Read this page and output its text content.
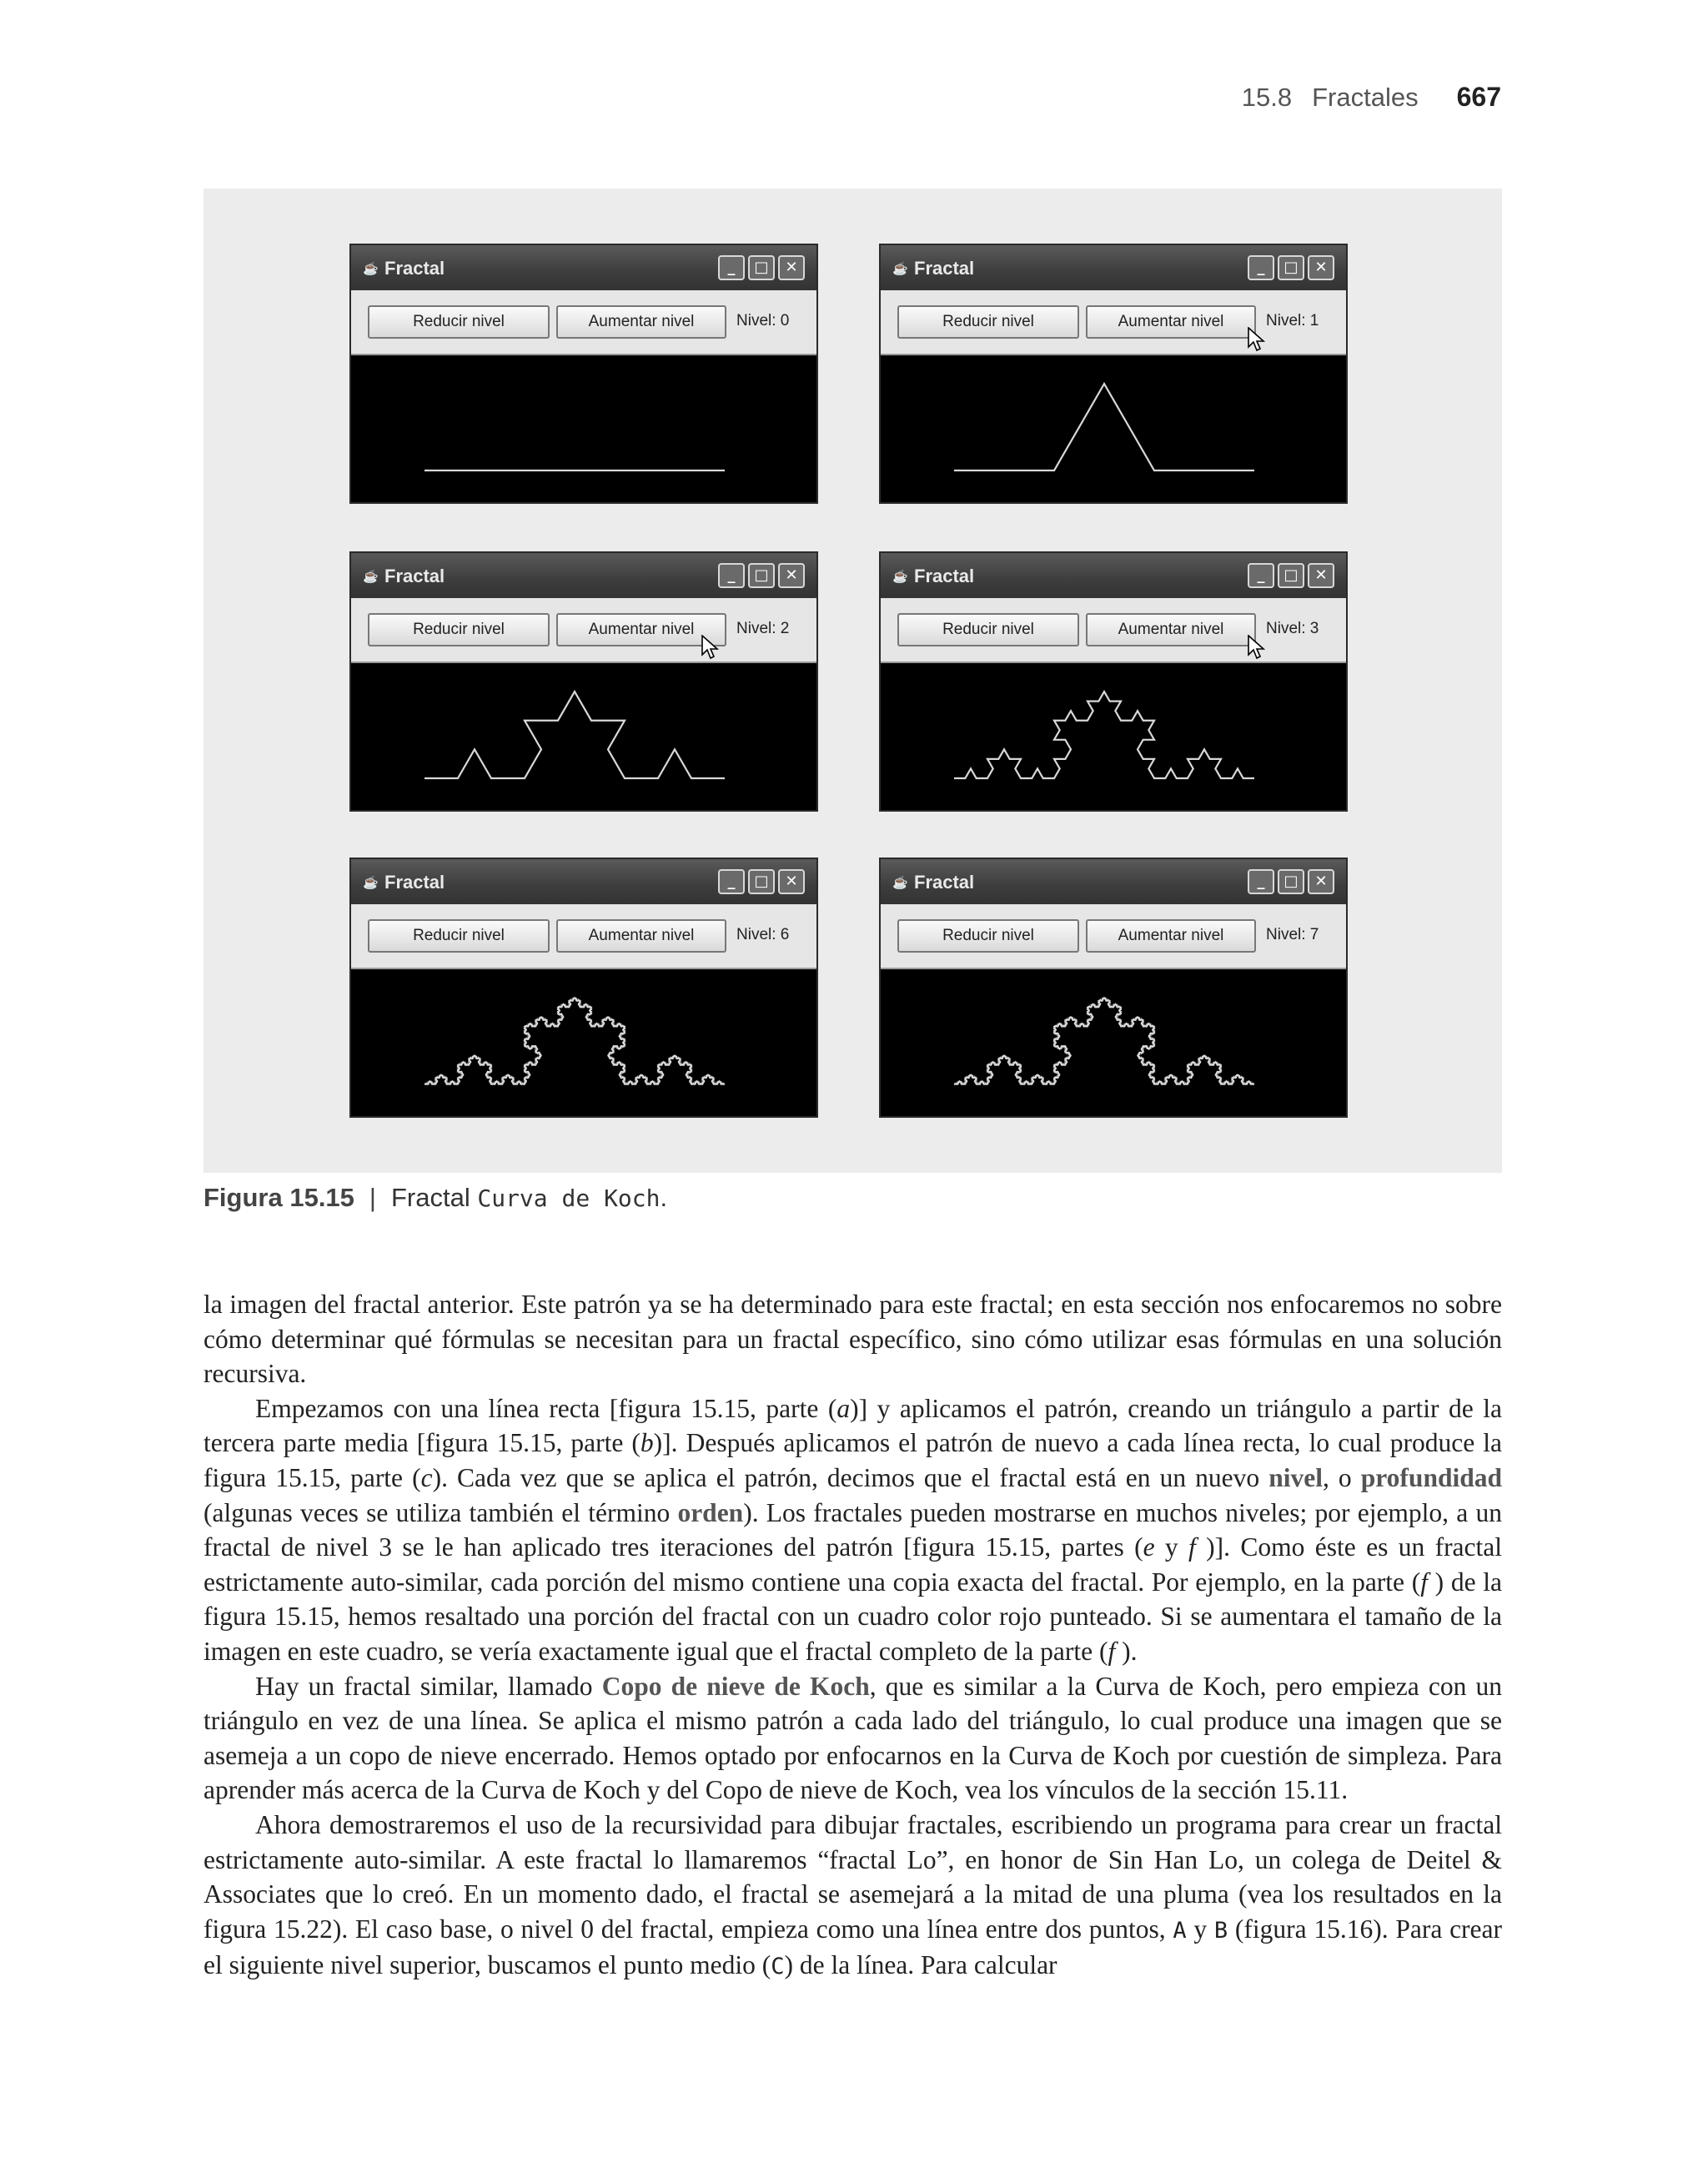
15.8 Fractales 667
☕ Fractal	_	□	✕
Reducir nivel	Aumentar nivel	Nivel: 0
☕ Fractal	_	□	✕
Reducir nivel	Aumentar nivel	Nivel: 1
☕ Fractal	_	□	✕
Reducir nivel	Aumentar nivel	Nivel: 2
☕ Fractal	_	□	✕
Reducir nivel	Aumentar nivel	Nivel: 3
☕ Fractal	_	□	✕
Reducir nivel	Aumentar nivel	Nivel: 6
☕ Fractal	_	□	✕
Reducir nivel	Aumentar nivel	Nivel: 7
Figura 15.15 | Fractal Curva de Koch.

la imagen del fractal anterior. Este patrón ya se ha determinado para este fractal; en esta sección nos enfocaremos no sobre cómo determinar qué fórmulas se necesitan para un fractal específico, sino cómo utilizar esas fórmulas en una solución recursiva.

Empezamos con una línea recta [figura 15.15, parte (a)] y aplicamos el patrón, creando un triángulo a partir de la tercera parte media [figura 15.15, parte (b)]. Después aplicamos el patrón de nuevo a cada línea recta, lo cual produce la figura 15.15, parte (c). Cada vez que se aplica el patrón, decimos que el fractal está en un nuevo nivel, o profundidad (algunas veces se utiliza también el término orden). Los fractales pueden mostrarse en muchos niveles; por ejemplo, a un fractal de nivel 3 se le han aplicado tres iteraciones del patrón [figura 15.15, partes (e y f )]. Como éste es un fractal estrictamente auto-similar, cada porción del mismo contiene una copia exacta del fractal. Por ejemplo, en la parte (f ) de la figura 15.15, hemos resaltado una porción del fractal con un cuadro color rojo punteado. Si se aumentara el tamaño de la imagen en este cuadro, se vería exactamente igual que el fractal completo de la parte (f ).

Hay un fractal similar, llamado Copo de nieve de Koch, que es similar a la Curva de Koch, pero empieza con un triángulo en vez de una línea. Se aplica el mismo patrón a cada lado del triángulo, lo cual produce una imagen que se asemeja a un copo de nieve encerrado. Hemos optado por enfocarnos en la Curva de Koch por cuestión de simpleza. Para aprender más acerca de la Curva de Koch y del Copo de nieve de Koch, vea los vínculos de la sección 15.11.

Ahora demostraremos el uso de la recursividad para dibujar fractales, escribiendo un programa para crear un fractal estrictamente auto-similar. A este fractal lo llamaremos “fractal Lo”, en honor de Sin Han Lo, un colega de Deitel & Associates que lo creó. En un momento dado, el fractal se asemejará a la mitad de una pluma (vea los resultados en la figura 15.22). El caso base, o nivel 0 del fractal, empieza como una línea entre dos puntos, A y B (figura 15.16). Para crear el siguiente nivel superior, buscamos el punto medio (C) de la línea. Para calcular
